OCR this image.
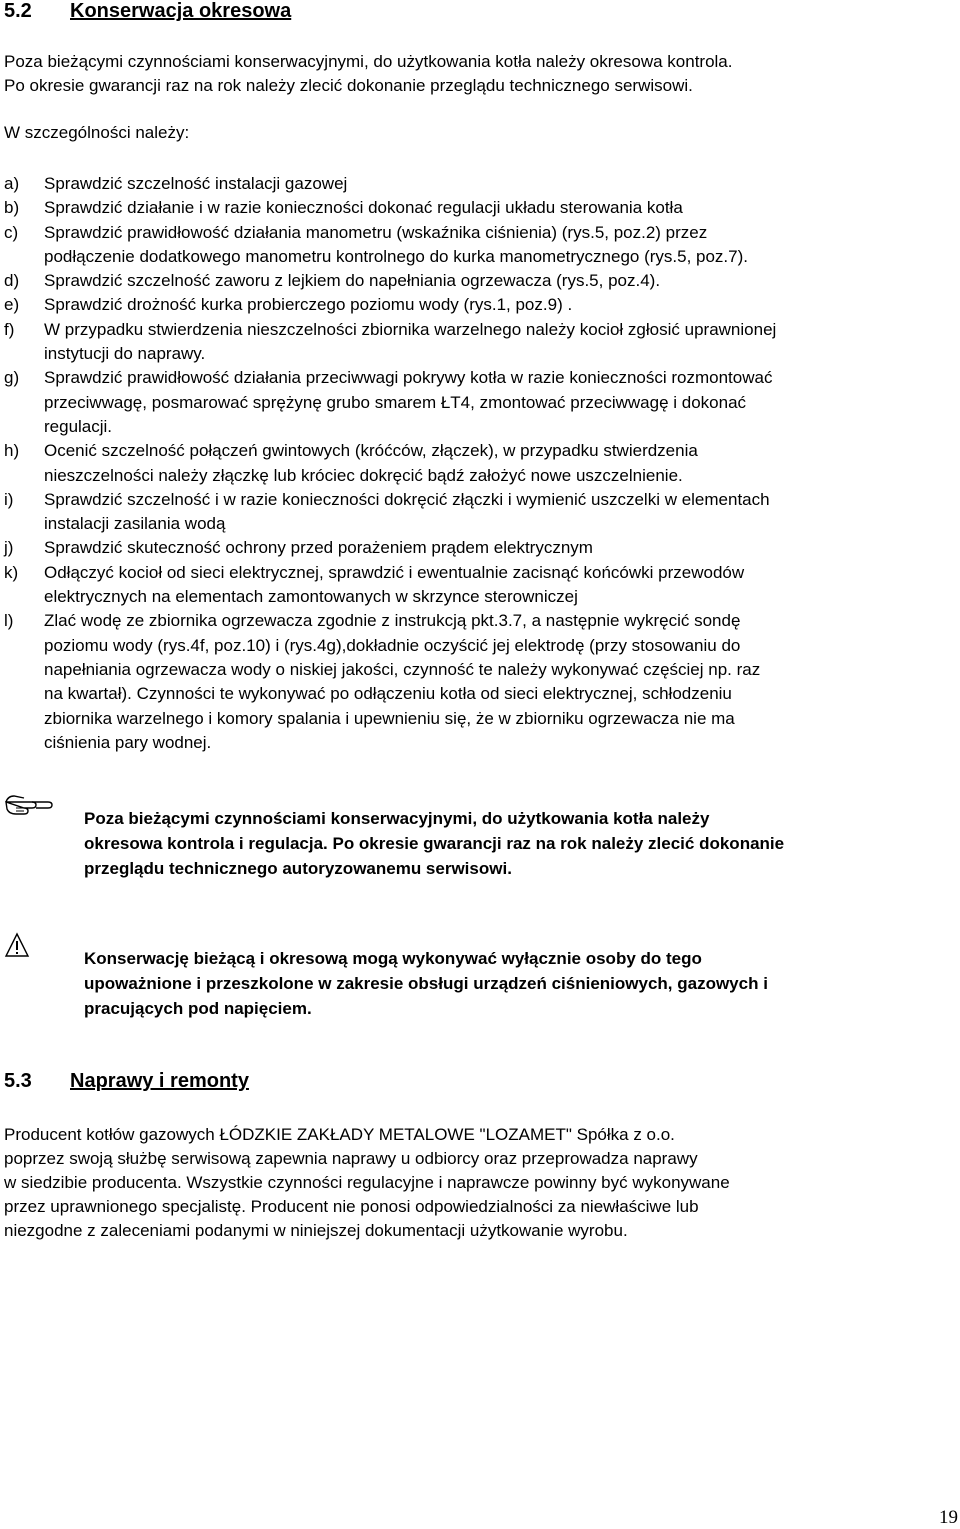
5.2 Konserwacja okresowa
Poza bieżącymi czynnościami konserwacyjnymi, do użytkowania kotła należy okresowa kontrola.
Po okresie gwarancji raz na rok należy zlecić dokonanie przeglądu technicznego serwisowi.
W szczególności należy:
a) Sprawdzić szczelność instalacji gazowej
b) Sprawdzić działanie i w razie konieczności dokonać regulacji układu sterowania kotła
c) Sprawdzić prawidłowość działania manometru (wskaźnika ciśnienia) (rys.5, poz.2) przez
podłączenie dodatkowego manometru kontrolnego do kurka manometrycznego (rys.5, poz.7).
d) Sprawdzić szczelność zaworu z lejkiem do napełniania ogrzewacza (rys.5, poz.4).
e) Sprawdzić drożność kurka probierczego poziomu wody (rys.1, poz.9) .
f) W przypadku stwierdzenia nieszczelności zbiornika warzelnego należy kocioł zgłosić uprawnionej
instytucji do naprawy.
g) Sprawdzić prawidłowość działania przeciwwagi pokrywy kotła w razie konieczności rozmontować
przeciwwagę, posmarować sprężynę grubo smarem ŁT4, zmontować przeciwwagę i dokonać
regulacji.
h) Ocenić szczelność połączeń gwintowych (króćców, złączek), w przypadku stwierdzenia
nieszczelności należy złączkę lub króciec dokręcić bądź założyć nowe uszczelnienie.
i) Sprawdzić szczelność i w razie konieczności dokręcić złączki i wymienić uszczelki w elementach
instalacji zasilania wodą
j) Sprawdzić skuteczność ochrony przed porażeniem prądem elektrycznym
k) Odłączyć kocioł od sieci elektrycznej, sprawdzić i ewentualnie zacisnąć końcówki przewodów
elektrycznych na elementach zamontowanych w skrzynce sterowniczej
l) Zlać wodę ze zbiornika ogrzewacza zgodnie z instrukcją pkt.3.7, a następnie wykręcić sondę
poziomu wody (rys.4f, poz.10) i (rys.4g),dokładnie oczyścić jej elektrodę (przy stosowaniu do
napełniania ogrzewacza wody o niskiej jakości, czynność te należy wykonywać częściej np. raz
na kwartał). Czynności te wykonywać po odłączeniu kotła od sieci elektrycznej, schłodzeniu
zbiornika warzelnego i komory spalania i upewnieniu się, że w zbiorniku ogrzewacza nie ma
ciśnienia pary wodnej.
Poza bieżącymi czynnościami konserwacyjnymi, do użytkowania kotła należy
okresowa kontrola i regulacja. Po okresie gwarancji raz na rok należy zlecić dokonanie
przeglądu technicznego autoryzowanemu serwisowi.
Konserwację bieżącą i okresową mogą wykonywać wyłącznie osoby do tego
upoważnione i przeszkolone w zakresie obsługi urządzeń ciśnieniowych, gazowych i
pracujących pod napięciem.
5.3 Naprawy i remonty
Producent kotłów gazowych ŁÓDZKIE ZAKŁADY METALOWE "LOZAMET" Spółka z o.o.
poprzez swoją służbę serwisową zapewnia naprawy u odbiorcy oraz przeprowadza naprawy
w siedzibie producenta. Wszystkie czynności regulacyjne i naprawcze powinny być wykonywane
przez uprawnionego specjalistę. Producent nie ponosi odpowiedzialności za niewłaściwe lub
niezgodne z zaleceniami podanymi w niniejszej dokumentacji użytkowanie wyrobu.
19
